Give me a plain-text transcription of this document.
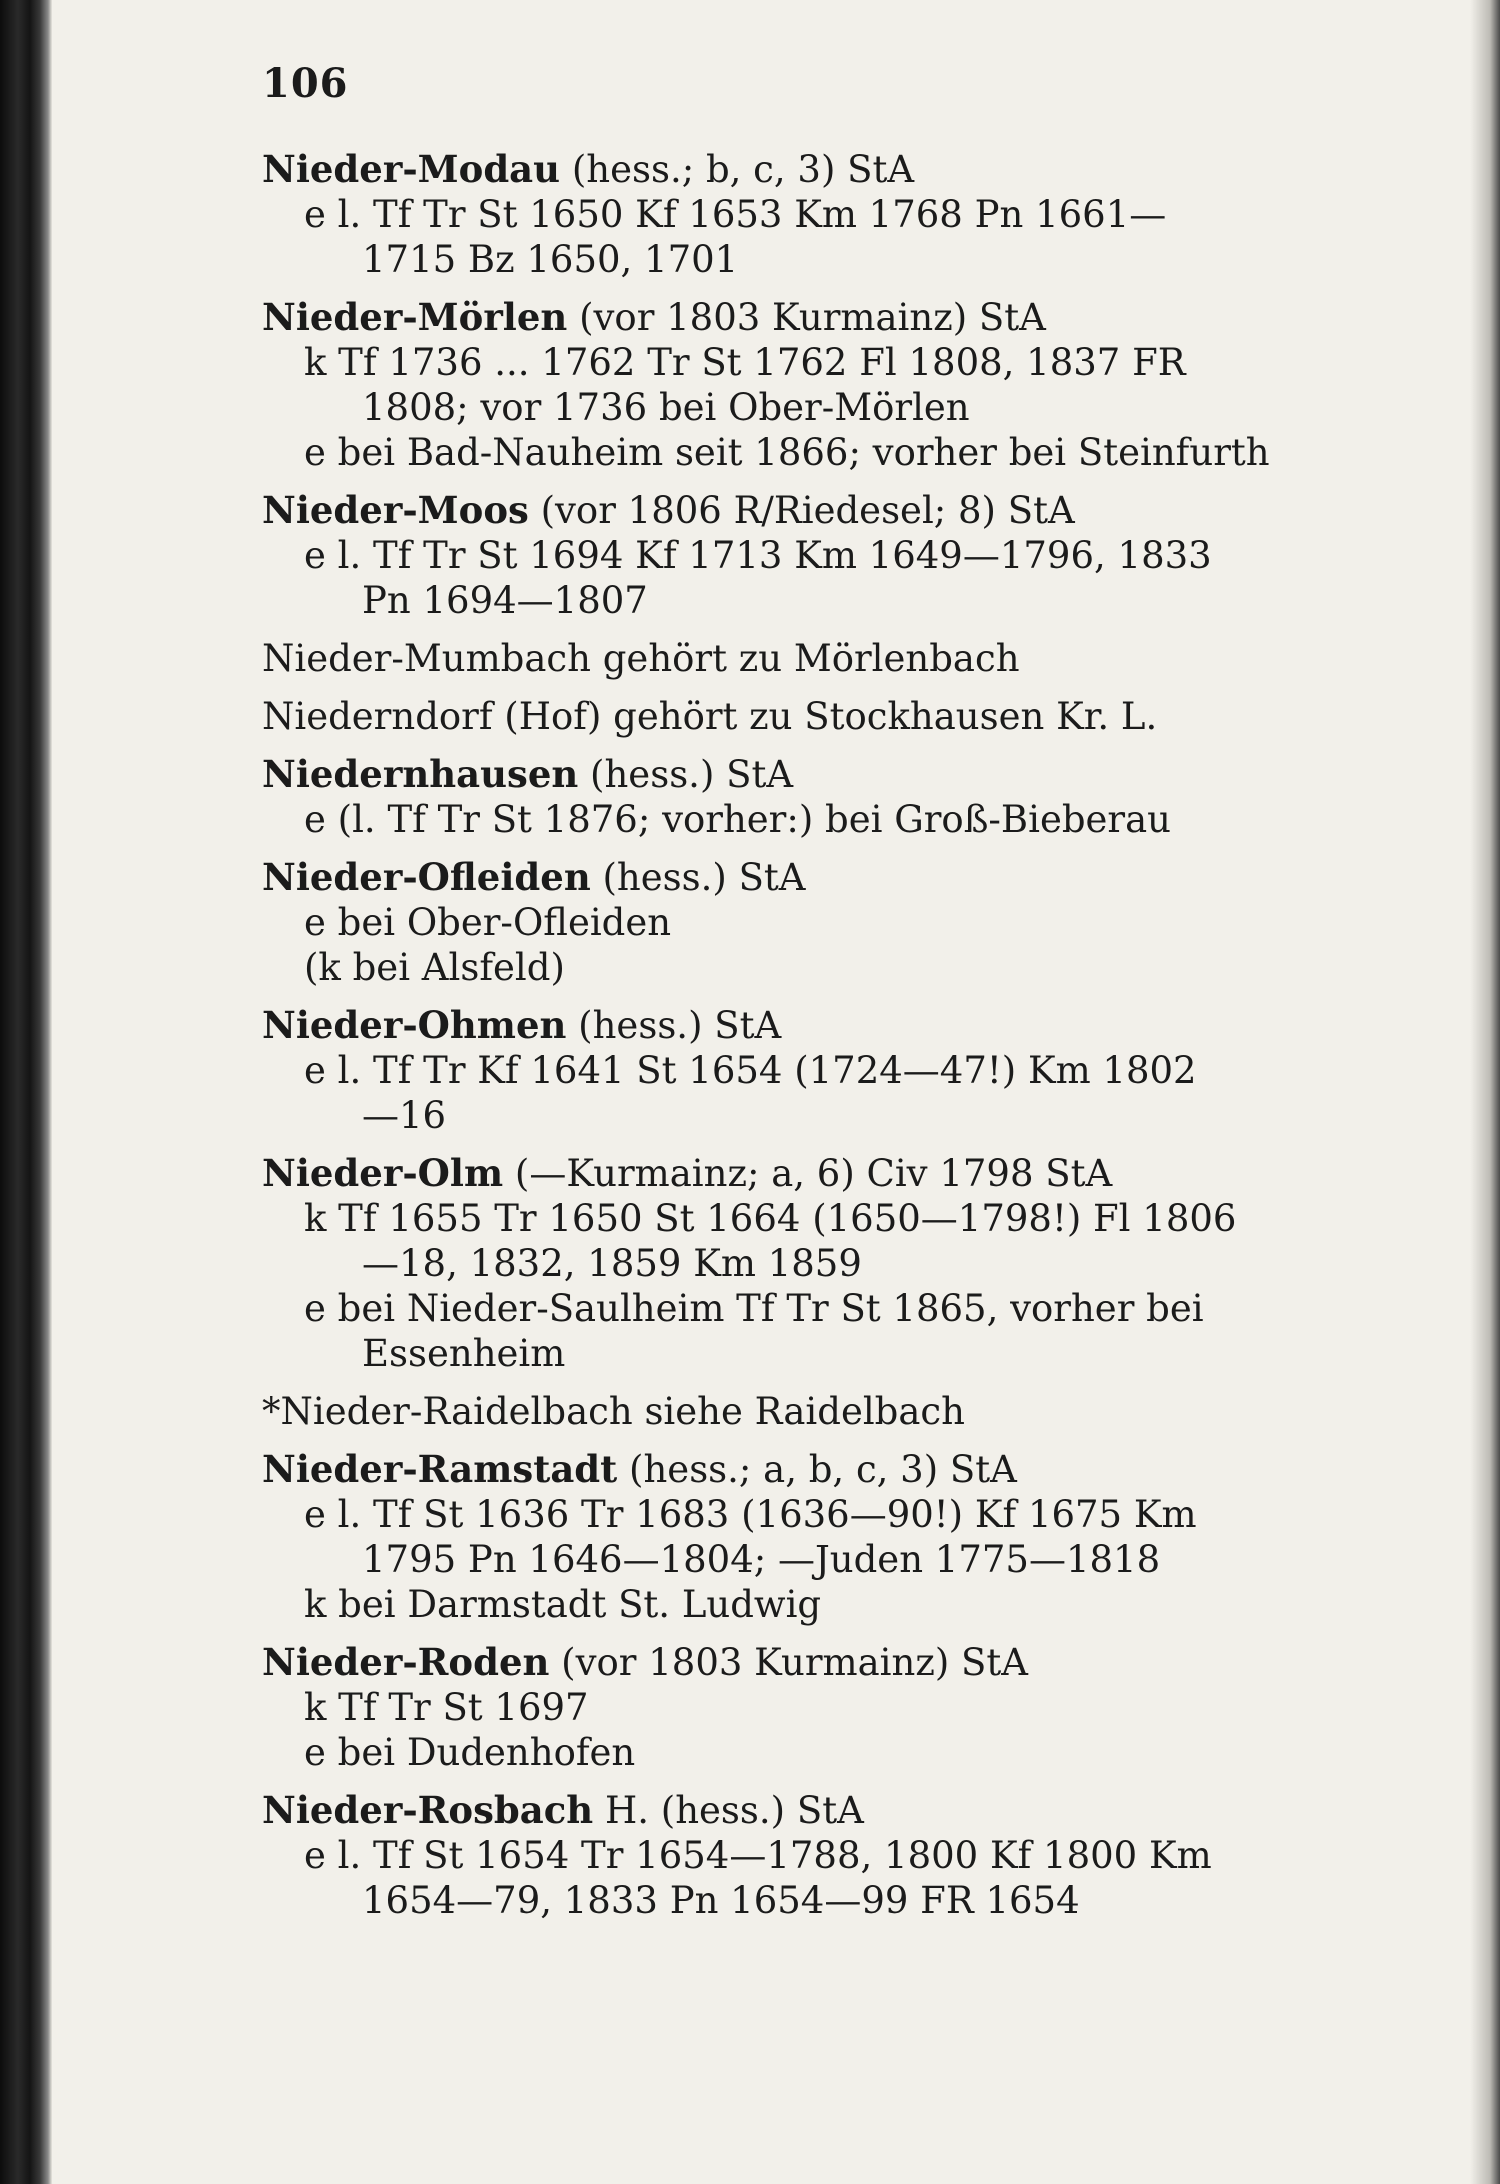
106
Nieder-Modau (hess.; b, c, 3) StA
e l. Tf Tr St 1650 Kf 1653 Km 1768 Pn 1661—
1715 Bz 1650, 1701
Nieder-Mörlen (vor 1803 Kurmainz) StA
k Tf 1736 ... 1762 Tr St 1762 Fl 1808, 1837 FR
1808; vor 1736 bei Ober-Mörlen
e bei Bad-Nauheim seit 1866; vorher bei Steinfurth
Nieder-Moos (vor 1806 R/Riedesel; 8) StA
e l. Tf Tr St 1694 Kf 1713 Km 1649—1796, 1833
Pn 1694—1807
Nieder-Mumbach gehört zu Mörlenbach
Niederndorf (Hof) gehört zu Stockhausen Kr. L.
Niedernhausen (hess.) StA
e (l. Tf Tr St 1876; vorher:) bei Groß-Bieberau
Nieder-Ofleiden (hess.) StA
e bei Ober-Ofleiden
(k bei Alsfeld)
Nieder-Ohmen (hess.) StA
e l. Tf Tr Kf 1641 St 1654 (1724—47!) Km 1802
—16
Nieder-Olm (—Kurmainz; a, 6) Civ 1798 StA
k Tf 1655 Tr 1650 St 1664 (1650—1798!) Fl 1806
—18, 1832, 1859 Km 1859
e bei Nieder-Saulheim Tf Tr St 1865, vorher bei
Essenheim
*Nieder-Raidelbach siehe Raidelbach
Nieder-Ramstadt (hess.; a, b, c, 3) StA
e l. Tf St 1636 Tr 1683 (1636—90!) Kf 1675 Km
1795 Pn 1646—1804; —Juden 1775—1818
k bei Darmstadt St. Ludwig
Nieder-Roden (vor 1803 Kurmainz) StA
k Tf Tr St 1697
e bei Dudenhofen
Nieder-Rosbach H. (hess.) StA
e l. Tf St 1654 Tr 1654—1788, 1800 Kf 1800 Km
1654—79, 1833 Pn 1654—99 FR 1654
